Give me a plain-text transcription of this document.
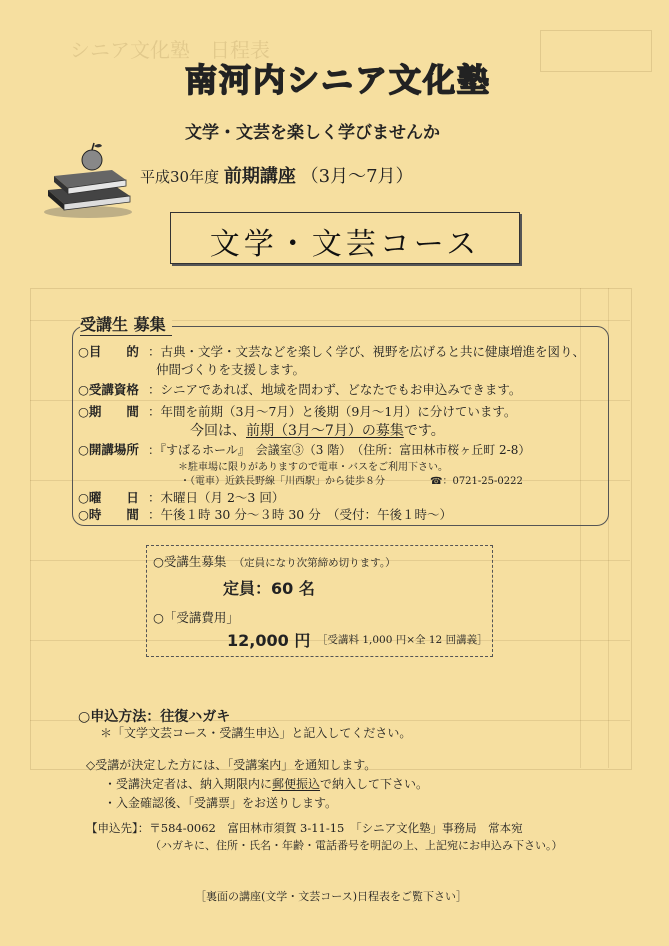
シニア文化塾　 日程表
南河内シニア文化塾
文学・文芸を楽しく学びませんか
平成30年度 前期講座 （3月〜7月）
文学・文芸コース
受講生 募集
○目　　的 ：古典・文学・文芸などを楽しく学び、視野を広げると共に健康増進を図り、
仲間づくりを支援します。
○受講資格 ：シニアであれば、地域を問わず、どなたでもお申込みできます。
○期　　間 ：年間を前期（3月〜7月）と後期（9月〜1月）に分けています。
今回は、前期（3月〜7月）の募集です。
○開講場所 ：『すばるホール』　会議室③（3 階）　（住所：富田林市桜ヶ丘町 2-8）
＊駐車場に限りがありますので電車・バスをご利用下さい。
・（電車）近鉄長野線「川西駅」から徒歩８分	☎：0721-25-0222
○曜　　日 ：木曜日（月 2〜3 回）
○時　　間 ：午後１時 30 分〜３時 30 分　（受付：午後１時〜）
○受講生募集　 （定員になり次第締め切ります。）
定員：60 名
○「受講費用」
12,000 円 ［受講料 1,000 円×全 12 回講義］
○申込方法：往復ハガキ
＊「文学文芸コース・受講生申込」と記入してください。
◇受講が決定した方には、「受講案内」を通知します。
・受講決定者は、納入期限内に郵便振込で納入して下さい。
・入金確認後、「受講票」をお送りします。
【申込先】：〒584-0062　富田林市須賀 3-11-15　「シニア文化塾」事務局　常本宛
（ハガキに、住所・氏名・年齢・電話番号を明記の上、上記宛にお申込み下さい。）
［裏面の講座(文学・文芸コース)日程表をご覧下さい］
